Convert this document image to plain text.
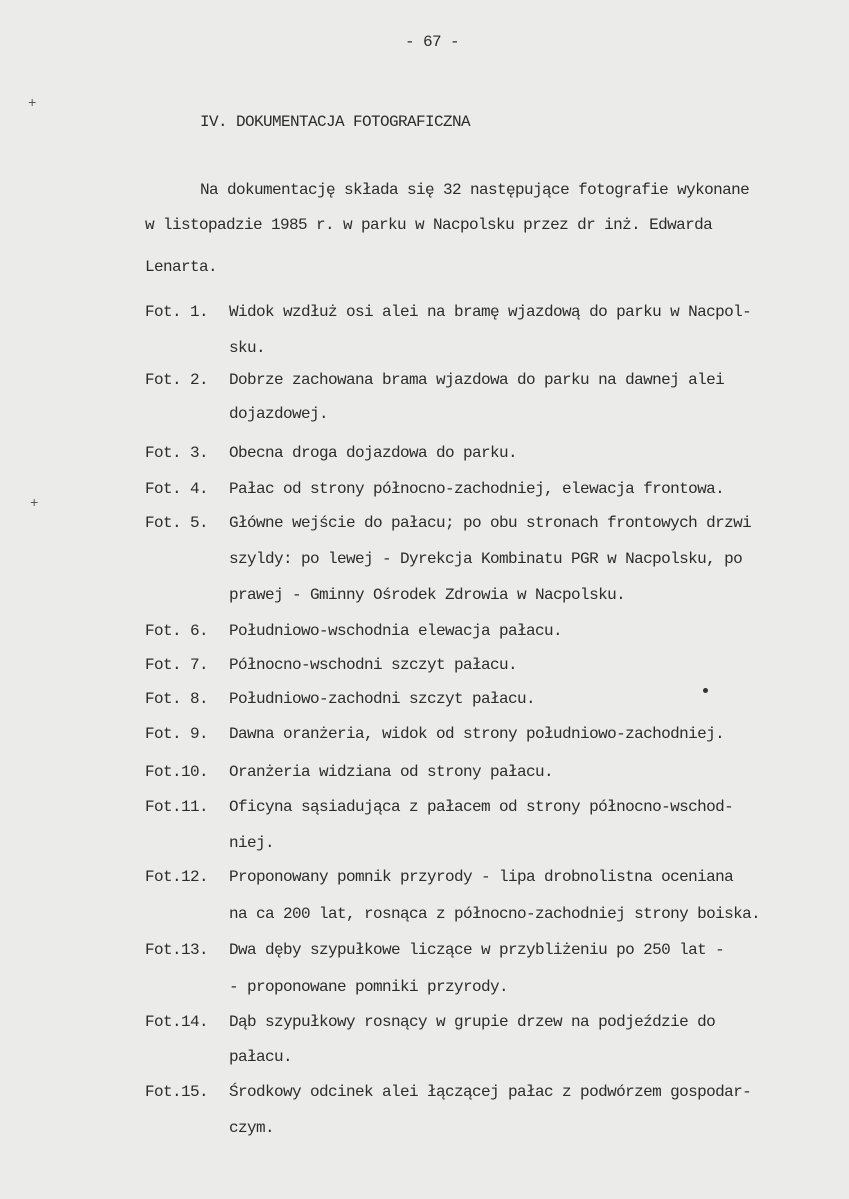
- 67 -
IV. DOKUMENTACJA FOTOGRAFICZNA
Na dokumentację składa się 32 następujące fotografie wykonane
w listopadzie 1985 r. w parku w Nacpolsku przez dr inż. Edwarda
Lenarta.
Fot. 1. Widok wzdłuż osi alei na bramę wjazdową do parku w Nacpol-
sku.
Fot. 2. Dobrze zachowana brama wjazdowa do parku na dawnej alei
dojazdowej.
Fot. 3. Obecna droga dojazdowa do parku.
Fot. 4. Pałac od strony północno-zachodniej, elewacja frontowa.
Fot. 5. Główne wejście do pałacu; po obu stronach frontowych drzwi
szyldy: po lewej - Dyrekcja Kombinatu PGR w Nacpolsku, po
prawej - Gminny Ośrodek Zdrowia w Nacpolsku.
Fot. 6. Południowo-wschodnia elewacja pałacu.
Fot. 7. Północno-wschodni szczyt pałacu.
Fot. 8. Południowo-zachodni szczyt pałacu.
Fot. 9. Dawna oranżeria, widok od strony południowo-zachodniej.
Fot.10. Oranżeria widziana od strony pałacu.
Fot.11. Oficyna sąsiadująca z pałacem od strony północno-wschod-
niej.
Fot.12. Proponowany pomnik przyrody - lipa drobnolistna oceniana
na ca 200 lat, rosnąca z północno-zachodniej strony boiska.
Fot.13. Dwa dęby szypułkowe liczące w przybliżeniu po 250 lat -
- proponowane pomniki przyrody.
Fot.14. Dąb szypułkowy rosnący w grupie drzew na podjeździe do
pałacu.
Fot.15. Środkowy odcinek alei łączącej pałac z podwórzem gospodar-
czym.
+
+
